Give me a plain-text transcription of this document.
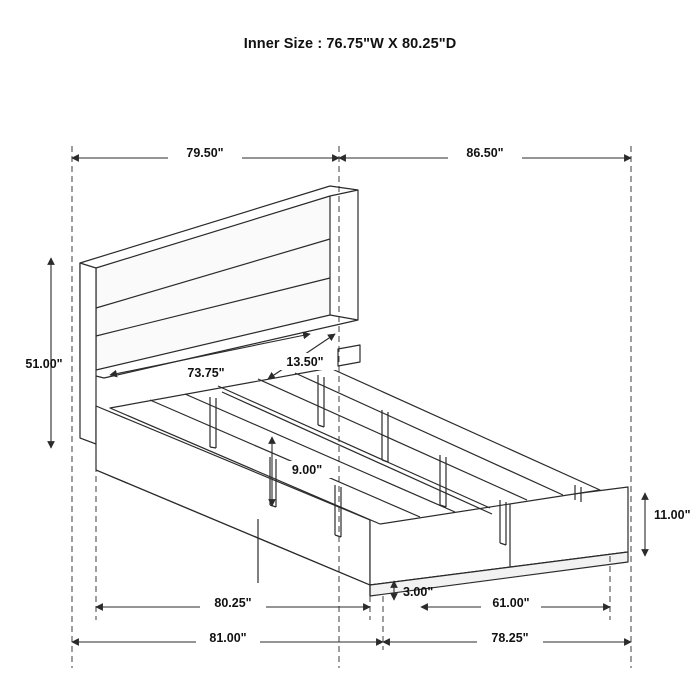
Inner Size : 76.75"W X 80.25"D
79.50"	86.50"
51.00"
73.75"
13.50"
9.00"
11.00"
3.00"
80.25"	61.00"
81.00"	78.25"
